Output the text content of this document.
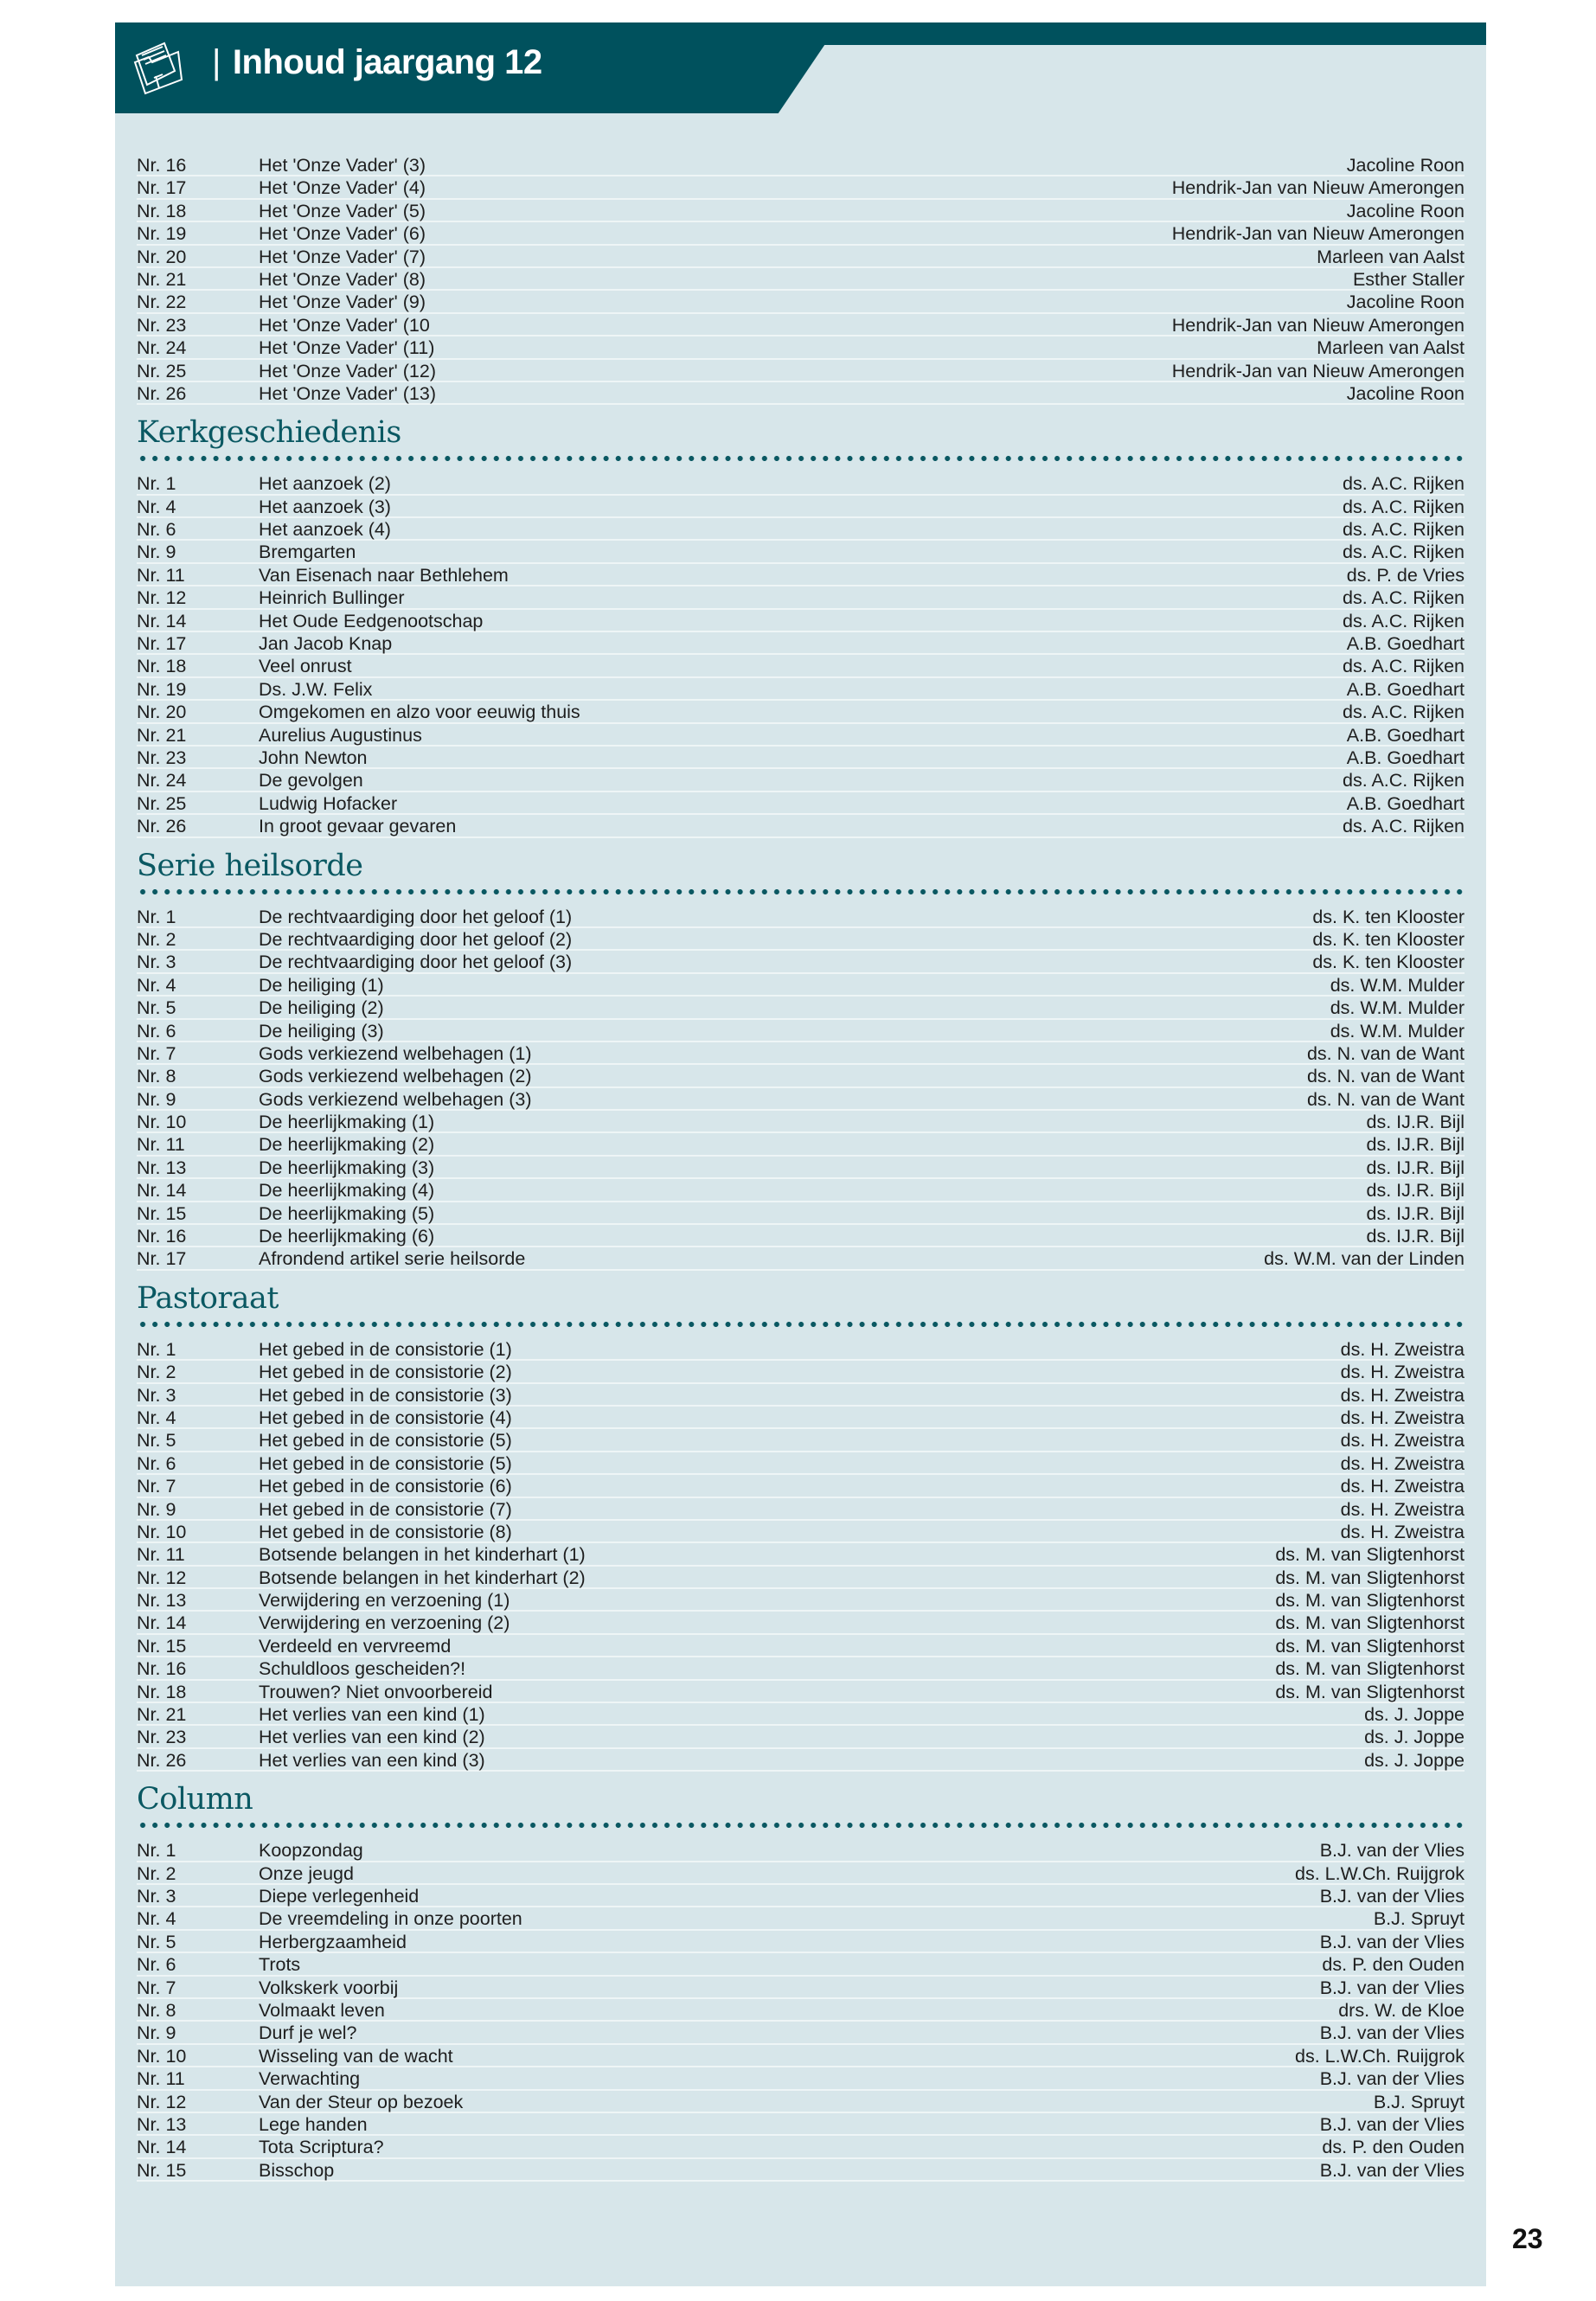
| Inhoud jaargang 12
Nr. 16	Het 'Onze Vader' (3)	Jacoline Roon
Nr. 17	Het 'Onze Vader' (4)	Hendrik-Jan van Nieuw Amerongen
Nr. 18	Het 'Onze Vader' (5)	Jacoline Roon
Nr. 19	Het 'Onze Vader' (6)	Hendrik-Jan van Nieuw Amerongen
Nr. 20	Het 'Onze Vader' (7)	Marleen van Aalst
Nr. 21	Het 'Onze Vader' (8)	Esther Staller
Nr. 22	Het 'Onze Vader' (9)	Jacoline Roon
Nr. 23	Het 'Onze Vader' (10	Hendrik-Jan van Nieuw Amerongen
Nr. 24	Het 'Onze Vader' (11)	Marleen van Aalst
Nr. 25	Het 'Onze Vader' (12)	Hendrik-Jan van Nieuw Amerongen
Nr. 26	Het 'Onze Vader' (13)	Jacoline Roon
Kerkgeschiedenis
Nr. 1	Het aanzoek (2)	ds. A.C. Rijken
Nr. 4	Het aanzoek (3)	ds. A.C. Rijken
Nr. 6	Het aanzoek (4)	ds. A.C. Rijken
Nr. 9	Bremgarten	ds. A.C. Rijken
Nr. 11	Van Eisenach naar Bethlehem	ds. P. de Vries
Nr. 12	Heinrich Bullinger	ds. A.C. Rijken
Nr. 14	Het Oude Eedgenootschap	ds. A.C. Rijken
Nr. 17	Jan Jacob Knap	A.B. Goedhart
Nr. 18	Veel onrust	ds. A.C. Rijken
Nr. 19	Ds. J.W. Felix	A.B. Goedhart
Nr. 20	Omgekomen en alzo voor eeuwig thuis	ds. A.C. Rijken
Nr. 21	Aurelius Augustinus	A.B. Goedhart
Nr. 23	John Newton	A.B. Goedhart
Nr. 24	De gevolgen	ds. A.C. Rijken
Nr. 25	Ludwig Hofacker	A.B. Goedhart
Nr. 26	In groot gevaar gevaren	ds. A.C. Rijken
Serie heilsorde
Nr. 1	De rechtvaardiging door het geloof (1)	ds. K. ten Klooster
Nr. 2	De rechtvaardiging door het geloof (2)	ds. K. ten Klooster
Nr. 3	De rechtvaardiging door het geloof (3)	ds. K. ten Klooster
Nr. 4	De heiliging (1)	ds. W.M. Mulder
Nr. 5	De heiliging (2)	ds. W.M. Mulder
Nr. 6	De heiliging (3)	ds. W.M. Mulder
Nr. 7	Gods verkiezend welbehagen (1)	ds. N. van de Want
Nr. 8	Gods verkiezend welbehagen (2)	ds. N. van de Want
Nr. 9	Gods verkiezend welbehagen (3)	ds. N. van de Want
Nr. 10	De heerlijkmaking (1)	ds. IJ.R. Bijl
Nr. 11	De heerlijkmaking (2)	ds. IJ.R. Bijl
Nr. 13	De heerlijkmaking (3)	ds. IJ.R. Bijl
Nr. 14	De heerlijkmaking (4)	ds. IJ.R. Bijl
Nr. 15	De heerlijkmaking (5)	ds. IJ.R. Bijl
Nr. 16	De heerlijkmaking (6)	ds. IJ.R. Bijl
Nr. 17	Afrondend artikel serie heilsorde	ds. W.M. van der Linden
Pastoraat
Nr. 1	Het gebed in de consistorie (1)	ds. H. Zweistra
Nr. 2	Het gebed in de consistorie (2)	ds. H. Zweistra
Nr. 3	Het gebed in de consistorie (3)	ds. H. Zweistra
Nr. 4	Het gebed in de consistorie (4)	ds. H. Zweistra
Nr. 5	Het gebed in de consistorie (5)	ds. H. Zweistra
Nr. 6	Het gebed in de consistorie (5)	ds. H. Zweistra
Nr. 7	Het gebed in de consistorie (6)	ds. H. Zweistra
Nr. 9	Het gebed in de consistorie (7)	ds. H. Zweistra
Nr. 10	Het gebed in de consistorie (8)	ds. H. Zweistra
Nr. 11	Botsende belangen in het kinderhart (1)	ds. M. van Sligtenhorst
Nr. 12	Botsende belangen in het kinderhart (2)	ds. M. van Sligtenhorst
Nr. 13	Verwijdering en verzoening (1)	ds. M. van Sligtenhorst
Nr. 14	Verwijdering en verzoening (2)	ds. M. van Sligtenhorst
Nr. 15	Verdeeld en vervreemd	ds. M. van Sligtenhorst
Nr. 16	Schuldloos gescheiden?!	ds. M. van Sligtenhorst
Nr. 18	Trouwen? Niet onvoorbereid	ds. M. van Sligtenhorst
Nr. 21	Het verlies van een kind (1)	ds. J. Joppe
Nr. 23	Het verlies van een kind (2)	ds. J. Joppe
Nr. 26	Het verlies van een kind (3)	ds. J. Joppe
Column
Nr. 1	Koopzondag	B.J. van der Vlies
Nr. 2	Onze jeugd	ds. L.W.Ch. Ruijgrok
Nr. 3	Diepe verlegenheid	B.J. van der Vlies
Nr. 4	De vreemdeling in onze poorten	B.J. Spruyt
Nr. 5	Herbergzaamheid	B.J. van der Vlies
Nr. 6	Trots	ds. P. den Ouden
Nr. 7	Volkskerk voorbij	B.J. van der Vlies
Nr. 8	Volmaakt leven	drs. W. de Kloe
Nr. 9	Durf je wel?	B.J. van der Vlies
Nr. 10	Wisseling van de wacht	ds. L.W.Ch. Ruijgrok
Nr. 11	Verwachting	B.J. van der Vlies
Nr. 12	Van der Steur op bezoek	B.J. Spruyt
Nr. 13	Lege handen	B.J. van der Vlies
Nr. 14	Tota Scriptura?	ds. P. den Ouden
Nr. 15	Bisschop	B.J. van der Vlies
23
